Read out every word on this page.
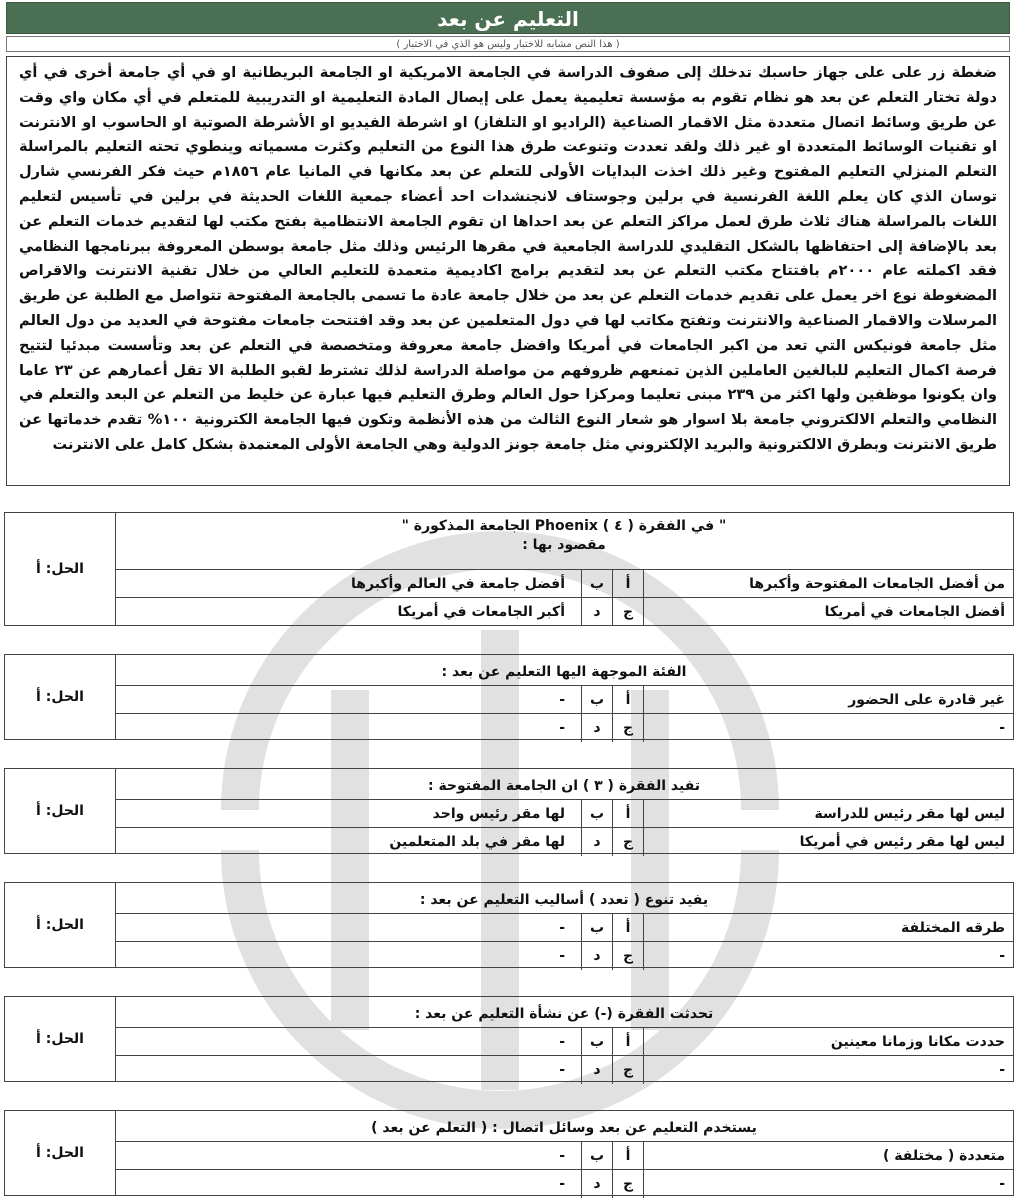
التعليم عن بعد
( هذا النص مشابه للاختبار وليس هو الذي في الاختبار )
ضغطة زر على على جهاز حاسبك تدخلك إلى صفوف الدراسة في الجامعة الامريكية او الجامعة البريطانية او في أي جامعة أخرى في أي دولة تختار التعلم عن بعد هو نظام تقوم به مؤسسة تعليمية يعمل على إيصال المادة التعليمية او التدريبية للمتعلم في أي مكان واي وقت عن طريق وسائط اتصال متعددة مثل الاقمار الصناعية (الراديو او التلفاز) او اشرطة الفيديو او الأشرطة الصوتية او الحاسوب او الانترنت او تقنيات الوسائط المتعددة او غير ذلك ولقد تعددت وتنوعت طرق هذا النوع من التعليم وكثرت مسمياته وينطوي تحته التعليم بالمراسلة التعلم المنزلي التعليم المفتوح وغير ذلك اخذت البدايات الأولى للتعلم عن بعد مكانها في المانيا عام ١٨٥٦م حيث فكر الفرنسي شارل توسان الذي كان يعلم اللغة الفرنسية في برلين وجوستاف لانجنشدات احد أعضاء جمعية اللغات الحديثة في برلين في تأسيس لتعليم اللغات بالمراسلة هناك ثلاث طرق لعمل مراكز التعلم عن بعد احداها ان تقوم الجامعة الانتظامية بفتح مكتب لها لتقديم خدمات التعلم عن بعد بالإضافة إلى احتفاظها بالشكل التقليدي للدراسة الجامعية في مقرها الرئيس وذلك مثل جامعة بوسطن المعروفة ببرنامجها النظامي فقد اكملته عام ٢٠٠٠م بافتتاح مكتب التعلم عن بعد لتقديم برامج اكاديمية متعمدة للتعليم العالي من خلال تقنية الانترنت والاقراص المضغوطة نوع اخر يعمل على تقديم خدمات التعلم عن بعد من خلال جامعة عادة ما تسمى بالجامعة المفتوحة تتواصل مع الطلبة عن طريق المرسلات والاقمار الصناعية والانترنت وتفتح مكاتب لها في دول المتعلمين عن بعد وقد افتتحت جامعات مفتوحة في العديد من دول العالم مثل جامعة فونيكس التي تعد من اكبر الجامعات في أمريكا وافضل جامعة معروفة ومتخصصة في التعلم عن بعد وتأسست مبدئيا لتتيح فرصة اكمال التعليم للبالغين العاملين الذين تمنعهم ظروفهم من مواصلة الدراسة لذلك تشترط لقبو الطلبة الا تقل أعمارهم عن ٢٣ عاما وان يكونوا موظفين ولها اكثر من ٢٣٩ مبنى تعليما ومركزا حول العالم وطرق التعليم فيها عبارة عن خليط من التعلم عن البعد والتعلم في النظامي والتعلم الالكتروني جامعة بلا اسوار هو شعار النوع الثالث من هذه الأنظمة وتكون فيها الجامعة الكترونية ١٠٠% تقدم خدماتها عن طريق الانترنت وبطرق الالكترونية والبريد الإلكتروني مثل جامعة جونز الدولية وهي الجامعة الأولى المعتمدة بشكل كامل على الانترنت
الحل: أ
" في الفقرة ( ٤ ) Phoenix الجامعة المذكورة "
مقصود بها :
من أفضل الجامعات المفتوحة وأكبرها
أ
ب
أفضل جامعة في العالم وأكبرها
أفضل الجامعات في أمريكا
ج
د
أكبر الجامعات في أمريكا
الحل: أ
الفئة الموجهة اليها التعليم عن بعد :
غير قادرة على الحضور
أ
ب
-
-
ج
د
-
الحل: أ
تفيد الفقرة ( ٣ ) ان الجامعة المفتوحة :
ليس لها مقر رئيس للدراسة
أ
ب
لها مقر رئيس واحد
ليس لها مقر رئيس في أمريكا
ج
د
لها مقر في بلد المتعلمين
الحل: أ
يفيد تنوع ( تعدد ) أساليب التعليم عن بعد :
طرقه المختلفة
أ
ب
-
-
ج
د
-
الحل: أ
تحدثت الفقرة (-) عن نشأة التعليم عن بعد :
حددت مكانا وزمانا معينين
أ
ب
-
-
ج
د
-
الحل: أ
يستخدم التعليم عن بعد وسائل اتصال : ( التعلم عن بعد )
متعددة ( مختلفة )
أ
ب
-
-
ج
د
-
